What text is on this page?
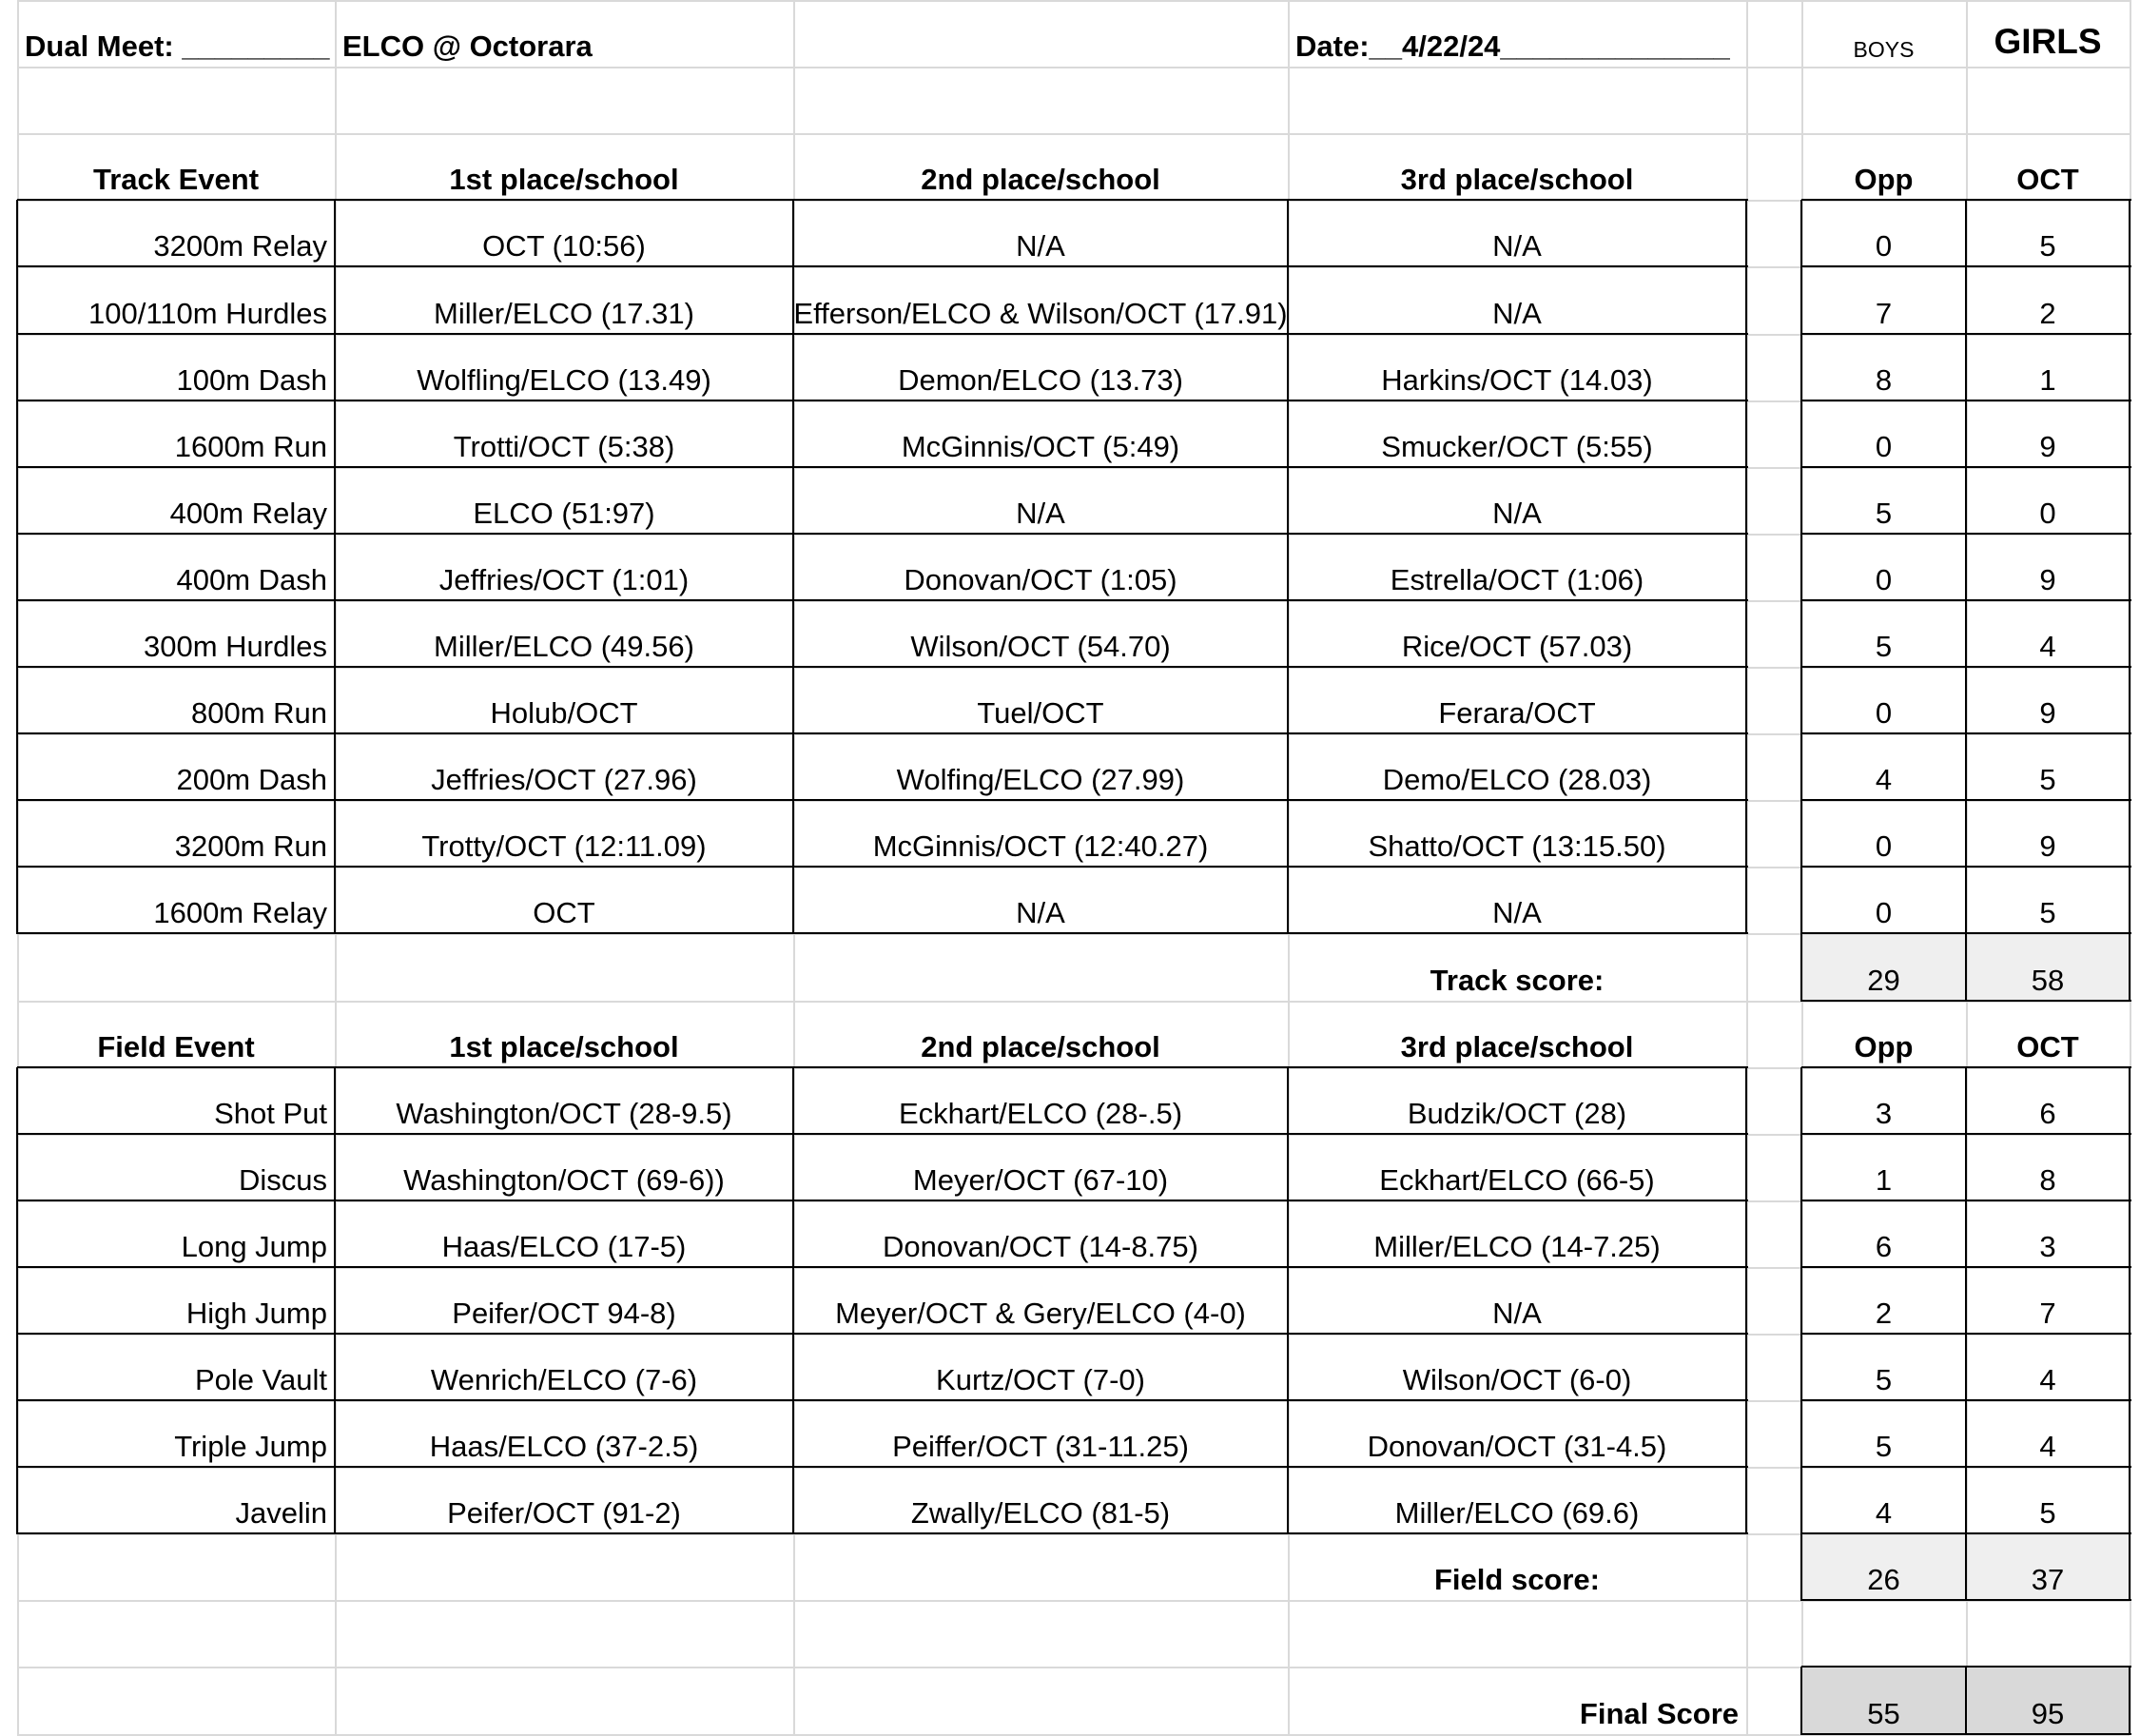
Dual Meet: _________ ELCO @ Octorara	Date:__4/22/24______________	BOYS	GIRLS
Track Event	1st place/school	2nd place/school	3rd place/school	Opp	OCT
3200m Relay	OCT (10:56)	N/A	N/A	0	5
100/110m Hurdles	Miller/ELCO (17.31)	Efferson/ELCO & Wilson/OCT (17.91)	N/A	7	2
100m Dash	Wolfling/ELCO (13.49)	Demon/ELCO (13.73)	Harkins/OCT (14.03)	8	1
1600m Run	Trotti/OCT (5:38)	McGinnis/OCT (5:49)	Smucker/OCT (5:55)	0	9
400m Relay	ELCO (51:97)	N/A	N/A	5	0
400m Dash	Jeffries/OCT (1:01)	Donovan/OCT (1:05)	Estrella/OCT (1:06)	0	9
300m Hurdles	Miller/ELCO (49.56)	Wilson/OCT (54.70)	Rice/OCT (57.03)	5	4
800m Run	Holub/OCT	Tuel/OCT	Ferara/OCT	0	9
200m Dash	Jeffries/OCT (27.96)	Wolfing/ELCO (27.99)	Demo/ELCO (28.03)	4	5
3200m Run	Trotty/OCT (12:11.09)	McGinnis/OCT (12:40.27)	Shatto/OCT (13:15.50)	0	9
1600m Relay	OCT	N/A	N/A	0	5
Track score:	29	58
Field Event	1st place/school	2nd place/school	3rd place/school	Opp	OCT
Shot Put	Washington/OCT (28-9.5)	Eckhart/ELCO (28-.5)	Budzik/OCT (28)	3	6
Discus	Washington/OCT (69-6))	Meyer/OCT (67-10)	Eckhart/ELCO (66-5)	1	8
Long Jump	Haas/ELCO (17-5)	Donovan/OCT (14-8.75)	Miller/ELCO (14-7.25)	6	3
High Jump	Peifer/OCT 94-8)	Meyer/OCT & Gery/ELCO (4-0)	N/A	2	7
Pole Vault	Wenrich/ELCO (7-6)	Kurtz/OCT (7-0)	Wilson/OCT (6-0)	5	4
Triple Jump	Haas/ELCO (37-2.5)	Peiffer/OCT (31-11.25)	Donovan/OCT (31-4.5)	5	4
Javelin	Peifer/OCT (91-2)	Zwally/ELCO (81-5)	Miller/ELCO (69.6)	4	5
Field score:	26	37
Final Score	55	95
